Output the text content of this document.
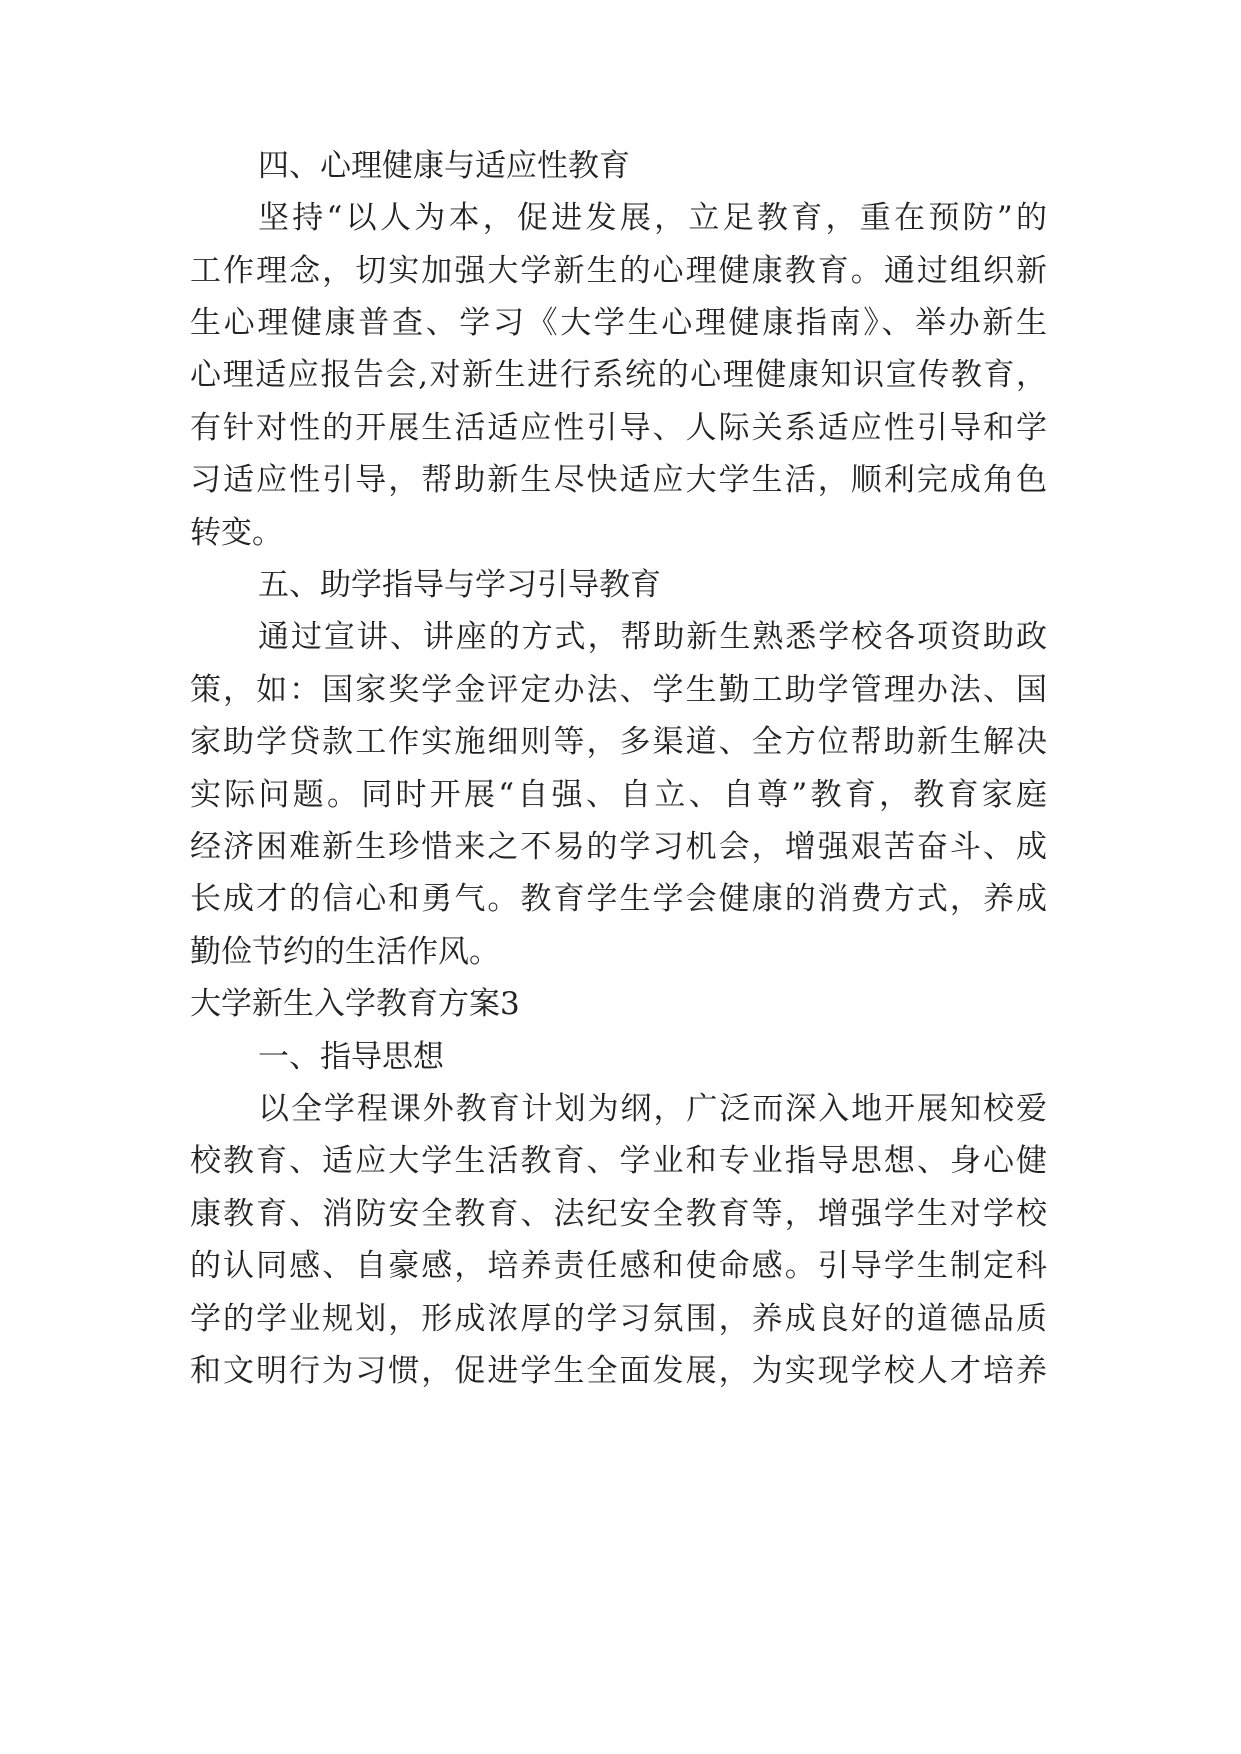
四、心理健康与适应性教育
坚持“以人为本，促进发展，立足教育，重在预防”的
工作理念，切实加强大学新生的心理健康教育。通过组织新
生心理健康普查、学习《大学生心理健康指南》、举办新生
心理适应报告会,对新生进行系统的心理健康知识宣传教育，
有针对性的开展生活适应性引导、人际关系适应性引导和学
习适应性引导，帮助新生尽快适应大学生活，顺利完成角色
转变。
五、助学指导与学习引导教育
通过宣讲、讲座的方式，帮助新生熟悉学校各项资助政
策，如：国家奖学金评定办法、学生勤工助学管理办法、国
家助学贷款工作实施细则等，多渠道、全方位帮助新生解决
实际问题。同时开展“自强、自立、自尊”教育，教育家庭
经济困难新生珍惜来之不易的学习机会，增强艰苦奋斗、成
长成才的信心和勇气。教育学生学会健康的消费方式，养成
勤俭节约的生活作风。
大学新生入学教育方案3
一、指导思想
以全学程课外教育计划为纲，广泛而深入地开展知校爱
校教育、适应大学生活教育、学业和专业指导思想、身心健
康教育、消防安全教育、法纪安全教育等，增强学生对学校
的认同感、自豪感，培养责任感和使命感。引导学生制定科
学的学业规划，形成浓厚的学习氛围，养成良好的道德品质
和文明行为习惯，促进学生全面发展，为实现学校人才培养
